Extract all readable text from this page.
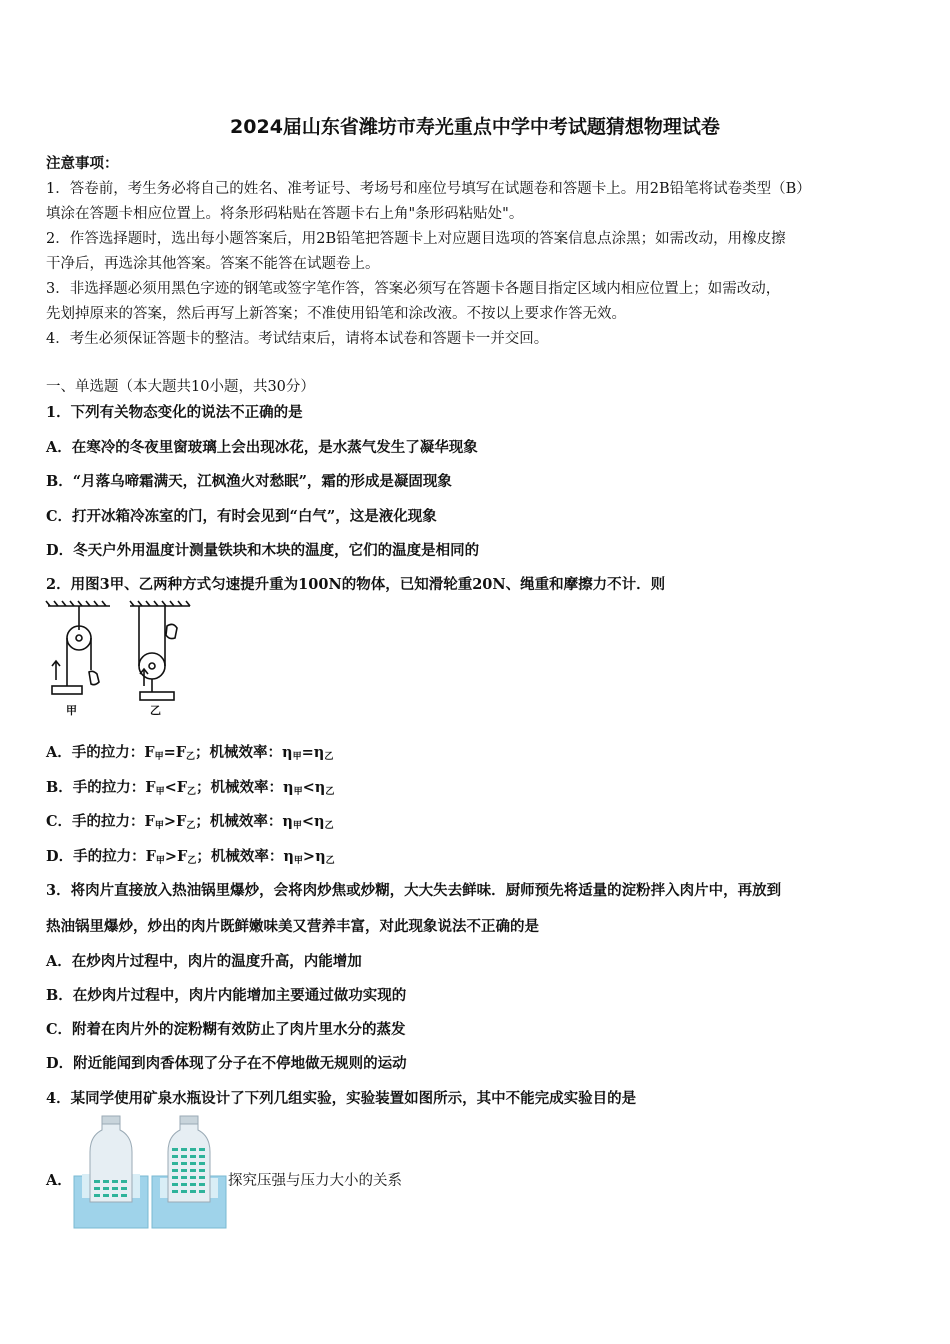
2024届山东省潍坊市寿光重点中学中考试题猜想物理试卷
注意事项：
1．答卷前，考生务必将自己的姓名、准考证号、考场号和座位号填写在试题卷和答题卡上。用2B铅笔将试卷类型（B）
填涂在答题卡相应位置上。将条形码粘贴在答题卡右上角"条形码粘贴处"。
2．作答选择题时，选出每小题答案后，用2B铅笔把答题卡上对应题目选项的答案信息点涂黑；如需改动，用橡皮擦
干净后，再选涂其他答案。答案不能答在试题卷上。
3．非选择题必须用黑色字迹的钢笔或签字笔作答，答案必须写在答题卡各题目指定区域内相应位置上；如需改动，
先划掉原来的答案，然后再写上新答案；不准使用铅笔和涂改液。不按以上要求作答无效。
4．考生必须保证答题卡的整洁。考试结束后，请将本试卷和答题卡一并交回。
一、单选题（本大题共10小题，共30分）
1．下列有关物态变化的说法不正确的是
A．在寒冷的冬夜里窗玻璃上会出现冰花，是水蒸气发生了凝华现象
B．“月落乌啼霜满天，江枫渔火对愁眠”，霜的形成是凝固现象
C．打开冰箱冷冻室的门，有时会见到“白气”，这是液化现象
D．冬天户外用温度计测量铁块和木块的温度，它们的温度是相同的
2．用图3甲、乙两种方式匀速提升重为100N的物体，已知滑轮重20N、绳重和摩擦力不计．则
甲	乙
A．手的拉力：$F_甲=F_乙$；机械效率：$\eta_甲=\eta_乙$
B．手的拉力：$F_甲<F_乙$；机械效率：$\eta_甲<\eta_乙$
C．手的拉力：$F_甲>F_乙$；机械效率：$\eta_甲<\eta_乙$
D．手的拉力：$F_甲>F_乙$；机械效率：$\eta_甲>\eta_乙$
3．将肉片直接放入热油锅里爆炒，会将肉炒焦或炒糊，大大失去鲜味．厨师预先将适量的淀粉拌入肉片中，再放到
热油锅里爆炒，炒出的肉片既鲜嫩味美又营养丰富，对此现象说法不正确的是
A．在炒肉片过程中，肉片的温度升高，内能增加
B．在炒肉片过程中，肉片内能增加主要通过做功实现的
C．附着在肉片外的淀粉糊有效防止了肉片里水分的蒸发
D．附近能闻到肉香体现了分子在不停地做无规则的运动
4．某同学使用矿泉水瓶设计了下列几组实验，实验装置如图所示，其中不能完成实验目的是
A．	探究压强与压力大小的关系
